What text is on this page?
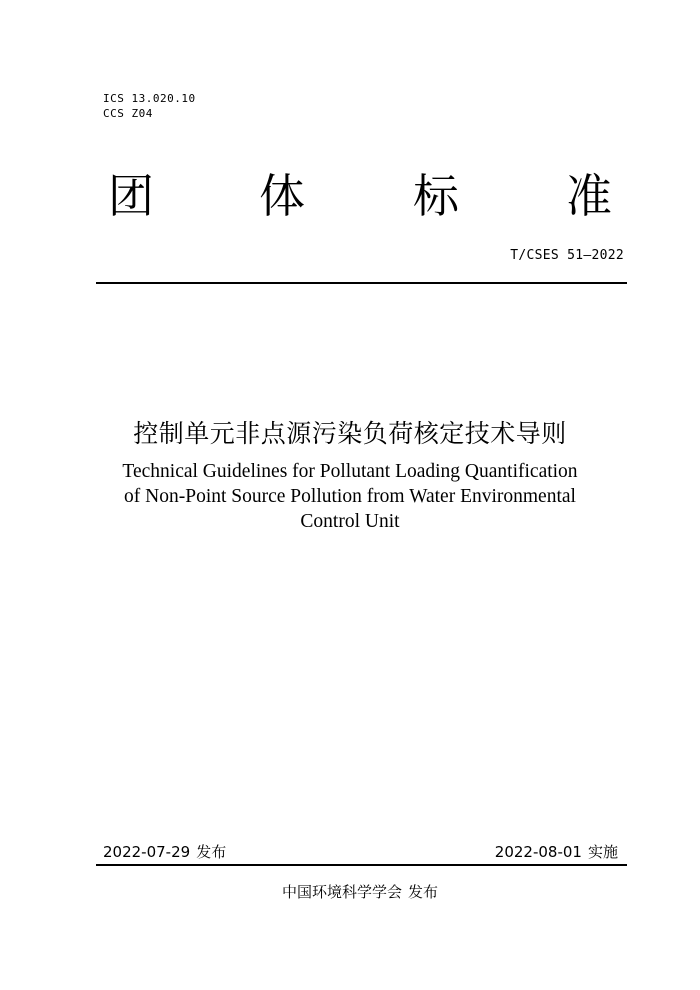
ICS 13.020.10
CCS Z04
团 体 标 准
T/CSES 51—2022
控制单元非点源污染负荷核定技术导则
Technical Guidelines for Pollutant Loading Quantification
of Non-Point Source Pollution from Water Environmental
Control Unit
2022-07-29 发布	2022-08-01 实施
中国环境科学学会 发布
